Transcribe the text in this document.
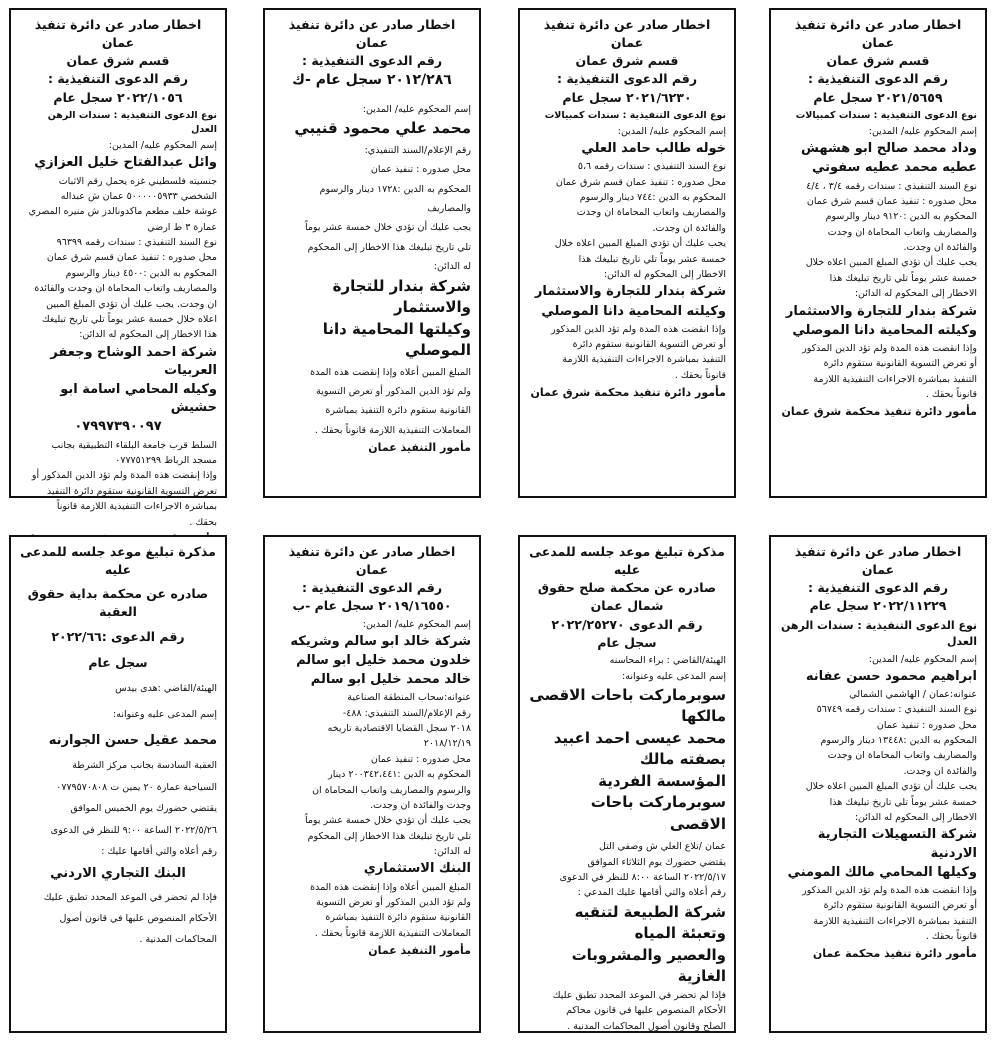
اخطار صادر عن دائرة تنفيذ عمان
قسم شرق عمان
رقم الدعوى التنفيذية :
٢٠٢١/٥٦٥٩ سجل عام
نوع الدعوى التنفيذية : سندات كمبيالات
إسم المحكوم عليه/ المدين:
وداد محمد صالح ابو هشهش
عطيه محمد عطيه سفوتي
نوع السند التنفيذي : سندات رقمه ٣/٤ ، ٤/٤
محل صدوره : تنفيذ عمان قسم شرق عمان
المحكوم به الدين :٩١٢٠ دينار والرسوم
والمصاريف واتعاب المحاماة ان وجدت
والفائدة ان وجدت.
يجب عليك أن تؤدي المبلغ المبين اعلاه خلال
خمسة عشر يوماً تلي تاريخ تبليغك هذا
الاخطار إلى المحكوم له الدائن:
شركة بندار للتجارة والاستثمار
وكيلته المحامية دانا الموصلي
وإذا انقضت هذه المدة ولم تؤد الدين المذكور
أو تعرض التسوية القانونية ستقوم دائرة
التنفيذ بمباشرة الاجراءات التنفيذية اللازمة
قانوناً بحقك .
مأمور دائرة تنفيذ محكمة شرق عمان
اخطار صادر عن دائرة تنفيذ عمان
قسم شرق عمان
رقم الدعوى التنفيذية :
٢٠٢١/٦٢٣٠ سجل عام
نوع الدعوى التنفيذية : سندات كمبيالات
إسم المحكوم عليه/ المدين:
خوله طالب حامد العلي
نوع السند التنفيذي : سندات رقمه ٥،٦
محل صدوره : تنفيذ عمان قسم شرق عمان
المحكوم به الدين :٧٤٤ دينار والرسوم
والمصاريف واتعاب المحاماة ان وجدت
والفائدة ان وجدت.
يجب عليك أن تؤدي المبلغ المبين اعلاه خلال
خمسة عشر يوماً تلي تاريخ تبليغك هذا
الاخطار إلى المحكوم له الدائن:
شركة بندار للتجارة والاستثمار
وكيلته المحامية دانا الموصلي
وإذا انقضت هذه المدة ولم تؤد الدين المذكور
أو تعرض التسوية القانونية ستقوم دائرة
التنفيذ بمباشرة الاجراءات التنفيذية اللازمة
قانوناً بحقك .
مأمور دائرة تنفيذ محكمة شرق عمان
اخطار صادر عن دائرة تنفيذ عمان
رقم الدعوى التنفيذية :
٢٠١٢/٢٨٦ سجل عام -ك
إسم المحكوم عليه/ المدين:
محمد علي محمود قنيبي
رقم الإعلام/السند التنفيذي:
محل صدوره : تنفيذ عمان
المحكوم به الدين :١٧٢٨ دينار والرسوم
والمصاريف
يجب عليك أن تؤدي خلال خمسة عشر يوماً
تلي تاريخ تبليغك هذا الاخطار إلى المحكوم
له الدائن:
شركة بندار للتجارة والاستثمار
وكيلتها المحامية دانا الموصلي
المبلغ المبين أعلاه وإذا إنقضت هذه المدة
ولم تؤد الدين المذكور أو تعرض التسوية
القانونية ستقوم دائرة التنفيذ بمباشرة
المعاملات التنفيذية اللازمة قانوناً بحقك .
مأمور التنفيذ عمان
اخطار صادر عن دائرة تنفيذ عمان
قسم شرق عمان
رقم الدعوى التنفيذية :
٢٠٢٢/١٠٥٦ سجل عام
نوع الدعوى التنفيذية : سندات الرهن العدل
إسم المحكوم عليه/ المدين:
وائل عبدالفتاح خليل العزازي
جنسيته فلسطيني غزه يحمل رقم الاثبات
الشخصي ٥٠٠٠٠٠٥٩٣٣ عمان ش عبداله
غوشة خلف مطعم ماكدونالدز ش منيره المصري
عمارة ٣ ط ارضي
نوع السند التنفيذي : سندات رقمه ٩٦٣٩٩
محل صدوره : تنفيذ عمان قسم شرق عمان
المحكوم به الدين :٤٥٠٠ دينار والرسوم
والمصاريف واتعاب المحاماة ان وجدت والفائدة
ان وجدت. يجب عليك أن تؤدي المبلغ المبين
اعلاه خلال خمسة عشر يوماً تلي تاريخ تبليغك
هذا الاخطار إلى المحكوم له الدائن:
شركة احمد الوشاح وجعفر العربيات
وكيله المحامي اسامة ابو حشيش
٠٧٩٩٧٣٩٠٠٩٧
السلط قرب جامعة البلقاء التطبيقية بجانب
مسجد الرباط ٠٧٧٧٥١٢٩٩
وإذا إنقضت هذه المدة ولم تؤد الدين المذكور أو
تعرض التسوية القانونية ستقوم دائرة التنفيذ
بمباشرة الاجراءات التنفيذية اللازمة قانوناً
بحقك .
اخطار صادر عن دائرة تنفيذ عمان
رقم الدعوى التنفيذية :
٢٠٢٢/١١٢٢٩ سجل عام
نوع الدعوى التنفيذية : سندات الرهن العدل
إسم المحكوم عليه/ المدين:
ابراهيم محمود حسن عفانه
عنوانه:عمان / الهاشمي الشمالي
نوع السند التنفيذي : سندات رقمه ٥٦٧٤٩
محل صدوره : تنفيذ عمان
المحكوم به الدين :١٣٤٤٨ دينار والرسوم
والمصاريف واتعاب المحاماة ان وجدت
والفائدة ان وجدت.
يجب عليك أن تؤدي المبلغ المبين اعلاه خلال
خمسة عشر يوماً تلي تاريخ تبليغك هذا
الاخطار إلى المحكوم له الدائن:
شركة التسهيلات التجارية الاردنية
وكيلها المحامي مالك المومني
وإذا انقضت هذه المدة ولم تؤد الدين المذكور
أو تعرض التسوية القانونية ستقوم دائرة
التنفيذ بمباشرة الاجراءات التنفيذية اللازمة
قانوناً بحقك .
مأمور دائرة تنفيذ محكمة عمان
مذكرة تبليغ موعد جلسه للمدعى عليه
صادره عن محكمة صلح حقوق شمال عمان
رقم الدعوى ٢٠٢٢/٢٥٢٧٠
سجل عام
الهيئة/القاضي : براء المحاسنه
إسم المدعى عليه وعنوانه:
سوبرماركت باحات الاقصى مالكها
محمد عيسى احمد اعبيد بصفته مالك
المؤسسة الفردية سوبرماركت باحات
الاقصى
عمان /تلاع العلي ش وصفي التل
يقتضي حضورك يوم الثلاثاء الموافق
٢٠٢٢/٥/١٧ الساعة ٨:٠٠ للنظر في الدعوى
رقم أعلاه والتي أقامها عليك المدعي :
شركة الطبيعة لتنقيه وتعبئة المياه
والعصير والمشروبات الغازية
فإذا لم تحضر في الموعد المحدد تطبق عليك
الأحكام المنصوص عليها في قانون محاكم
الصلح وقانون أصول المحاكمات المدنية .
اخطار صادر عن دائرة تنفيذ عمان
رقم الدعوى التنفيذية :
٢٠١٩/١٦٥٥٠ سجل عام -ب
إسم المحكوم عليه/ المدين:
شركة خالد ابو سالم وشريكه
خلدون محمد خليل ابو سالم
خالد محمد خليل ابو سالم
عنوانه:سحاب المنطقة الصناعية
رقم الإعلام/السند التنفيذي: ٤٨٨-
٢٠١٨ سجل القضايا الاقتصادية تاريخه
٢٠١٨/١٢/١٩
محل صدوره : تنفيذ عمان
المحكوم به الدين :٢٠٠٣٤٢،٤٤١ دينار
والرسوم والمصاريف واتعاب المحاماة ان
وجدت والفائدة ان وجدت.
يجب عليك أن تؤدي خلال خمسة عشر يوماً
تلي تاريخ تبليغك هذا الاخطار إلى المحكوم
له الدائن:
البنك الاستثماري
المبلغ المبين أعلاه وإذا إنقضت هذه المدة
ولم تؤد الدين المذكور أو تعرض التسوية
القانونية ستقوم دائرة التنفيذ بمباشرة
المعاملات التنفيذية اللازمة قانوناً بحقك .
مأمور التنفيذ عمان
مذكرة تبليغ موعد جلسه للمدعى عليه
صادره عن محكمة بداية حقوق العقبة
رقم الدعوى :٢٠٢٢/٦٦
سجل عام
الهيئة/القاضي :هدى بيدس
إسم المدعى عليه وعنوانه:
محمد عقيل حسن الجوارنه
العقبة السادسة بجانب مركز الشرطة
السياحية عمارة ٢٠ يمين ت ٠٧٧٩٥٧٠٨٠٨
يقتضي حضورك يوم الخميس الموافق
٢٠٢٢/٥/٢٦ الساعة ٩:٠٠ للنظر في الدعوى
رقم أعلاه والتي أقامها عليك :
البنك التجاري الاردني
فإذا لم تحضر في الموعد المحدد تطبق عليك
الأحكام المنصوص عليها في قانون أصول
المحاكمات المدنية .
